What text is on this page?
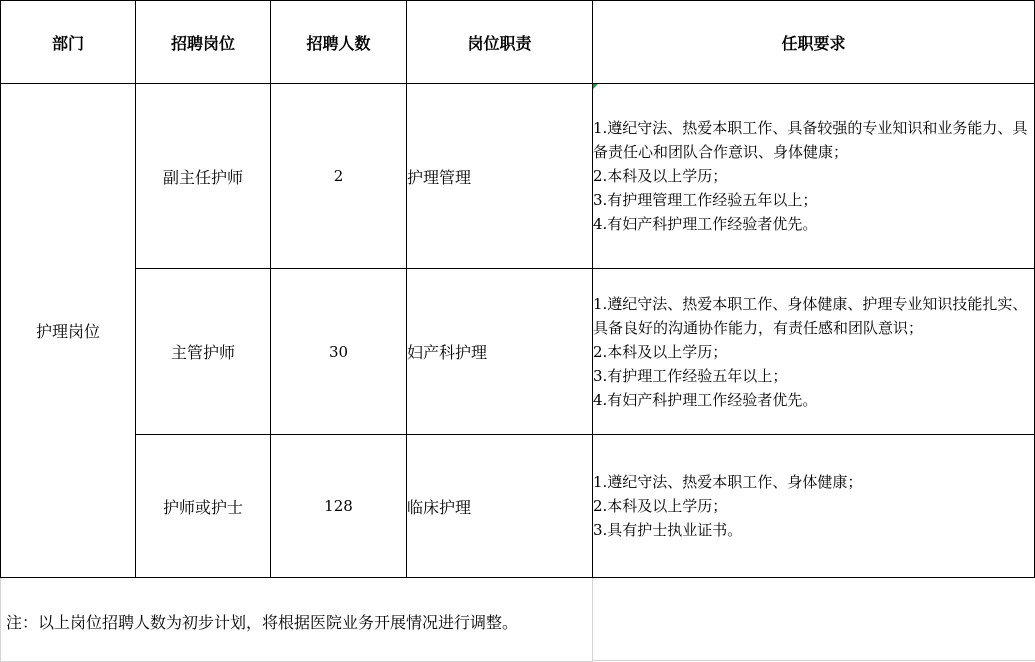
部门	招聘岗位	招聘人数	岗位职责	任职要求
护理岗位	副主任护师	2	护理管理	1.遵纪守法、热爱本职工作、具备较强的专业知识和业务能力、具备责任心和团队合作意识、身体健康；
2.本科及以上学历；
3.有护理管理工作经验五年以上；
4.有妇产科护理工作经验者优先。

	主管护师	30	妇产科护理	1.遵纪守法、热爱本职工作、身体健康、护理专业知识技能扎实、具备良好的沟通协作能力，有责任感和团队意识；
2.本科及以上学历；
3.有护理工作经验五年以上；
4.有妇产科护理工作经验者优先。

	护师或护士	128	临床护理	1.遵纪守法、热爱本职工作、身体健康；
2.本科及以上学历；
3.具有护士执业证书。
注：以上岗位招聘人数为初步计划，将根据医院业务开展情况进行调整。
